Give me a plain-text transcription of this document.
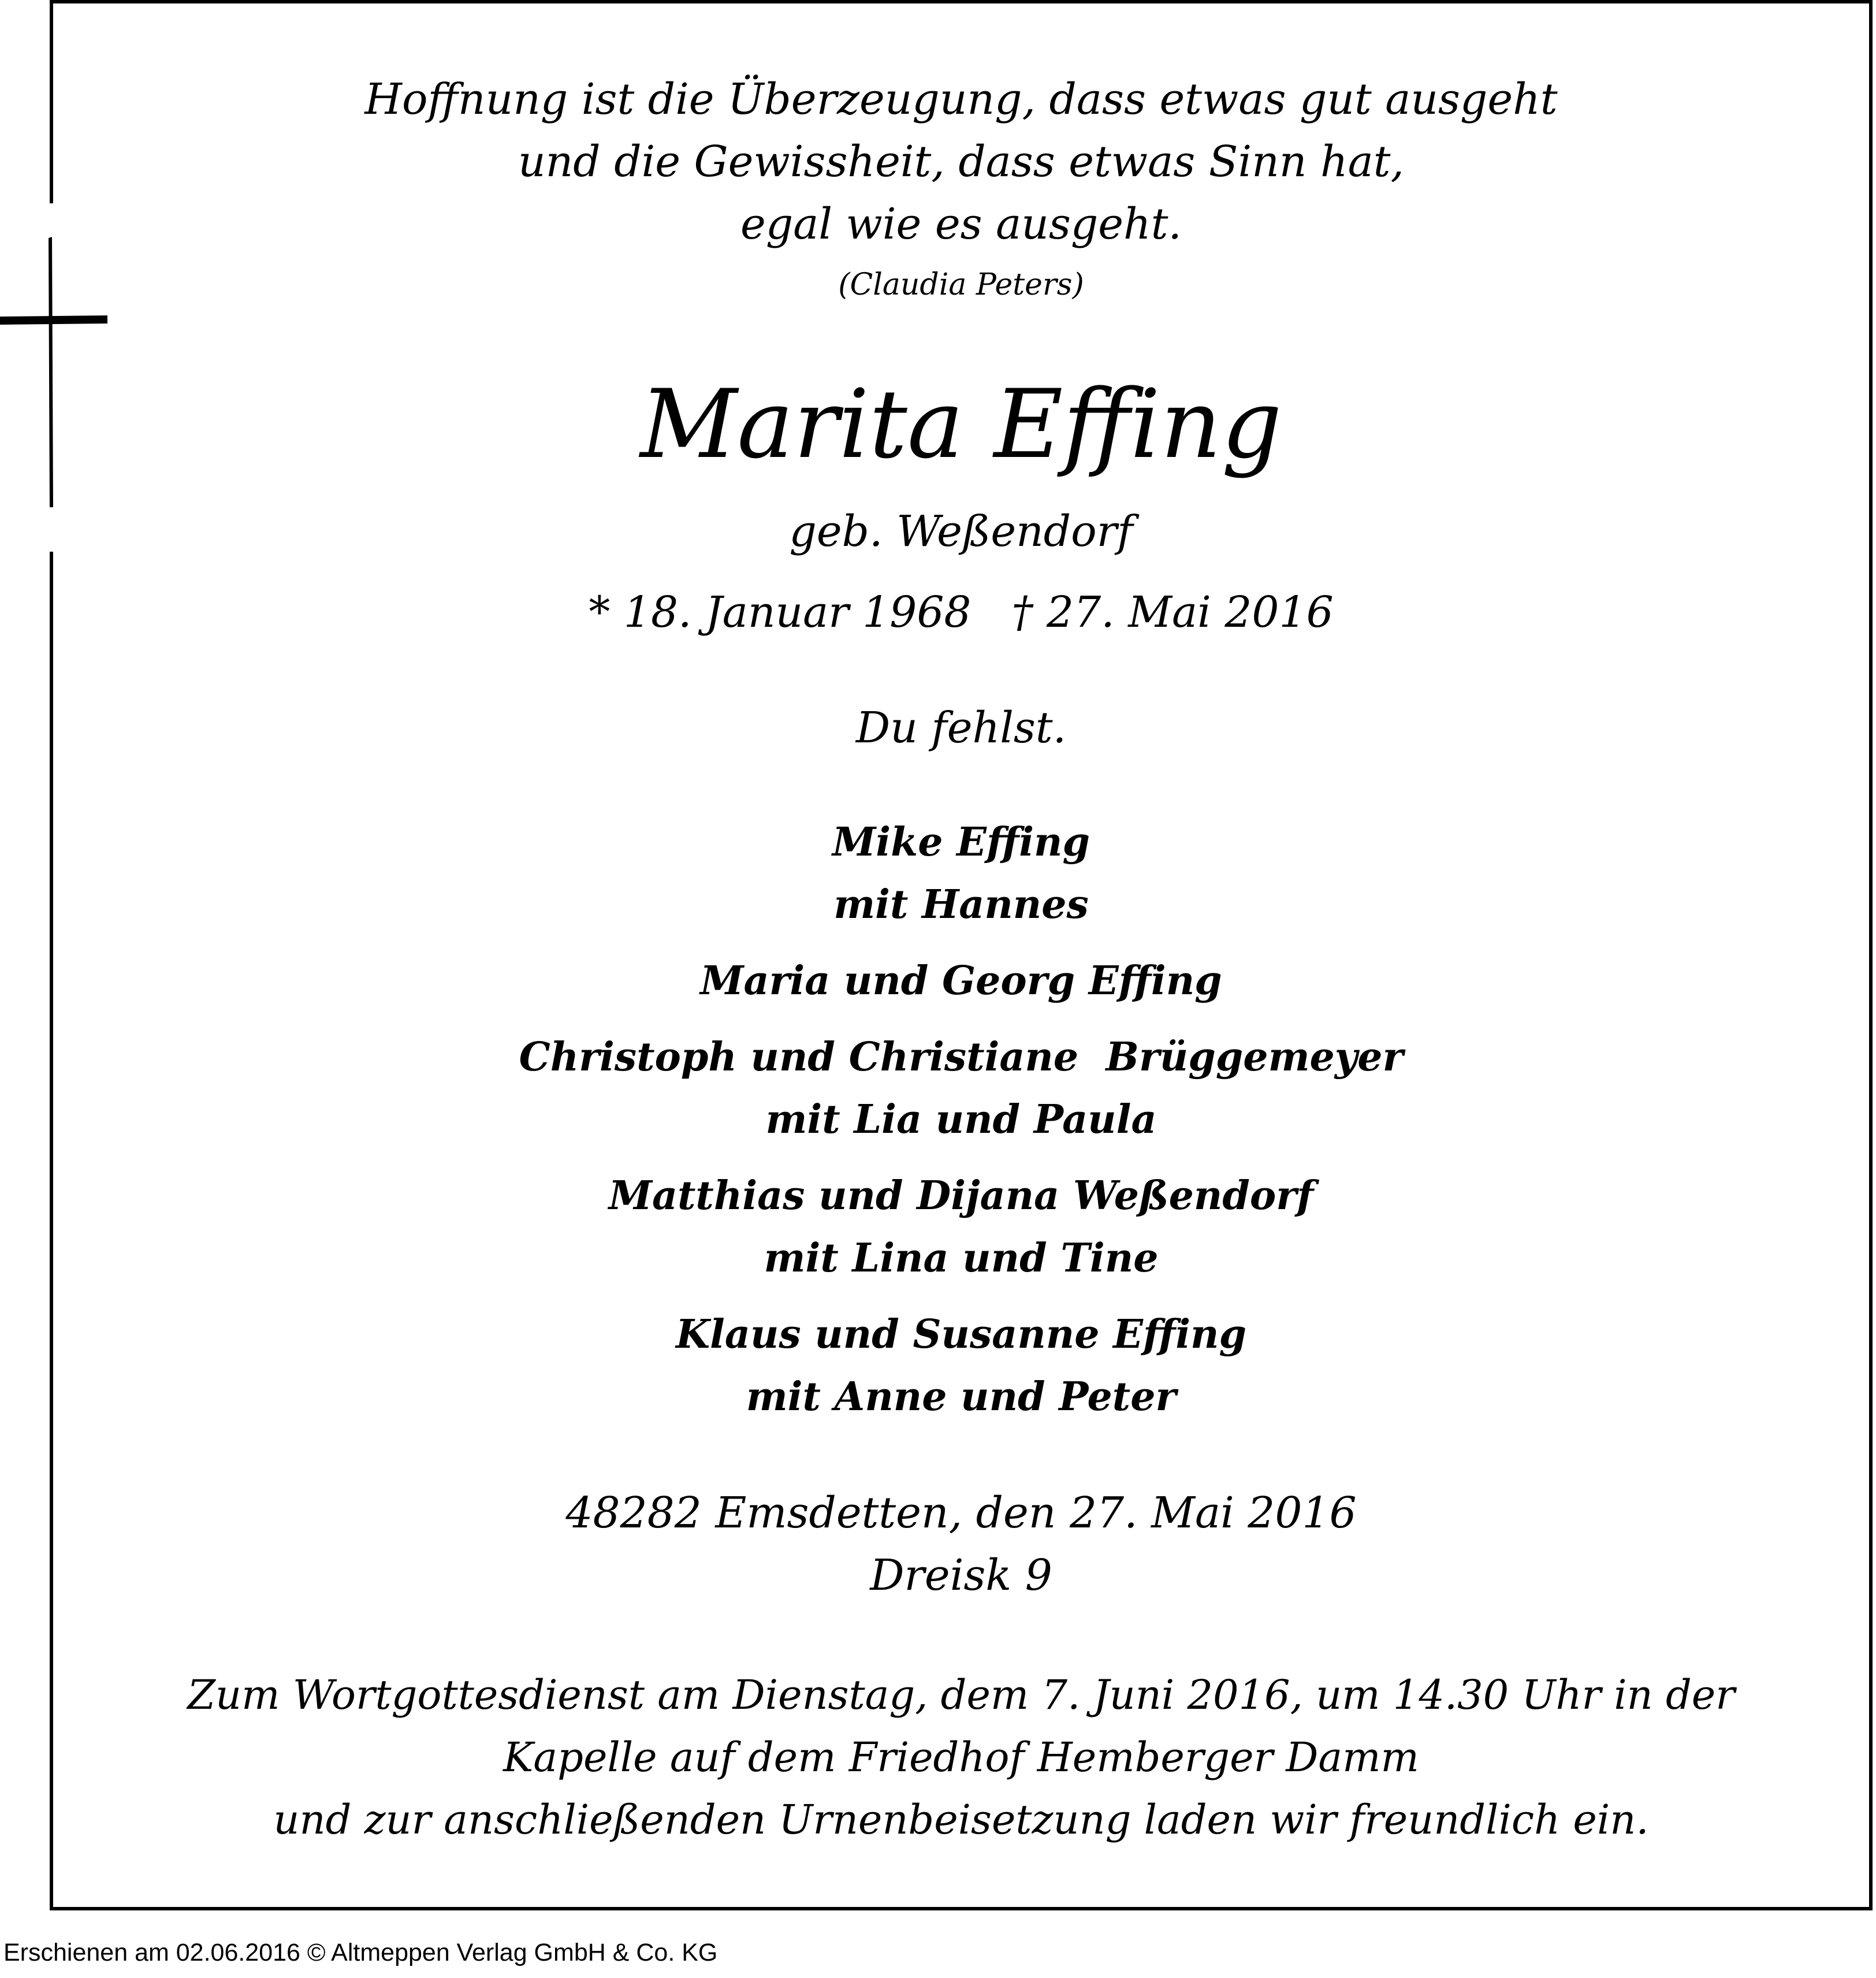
Hoffnung ist die Überzeugung, dass etwas gut ausgeht
und die Gewissheit, dass etwas Sinn hat,
egal wie es ausgeht.
(Claudia Peters)
Marita Effing
geb. Weßendorf
* 18. Januar 1968 † 27. Mai 2016
Du fehlst.
Mike Effing
mit Hannes
Maria und Georg Effing
Christoph und Christiane  Brüggemeyer
mit Lia und Paula
Matthias und Dijana Weßendorf
mit Lina und Tine
Klaus und Susanne Effing
mit Anne und Peter
48282 Emsdetten, den 27. Mai 2016
Dreisk 9
Zum Wortgottesdienst am Dienstag, dem 7. Juni 2016, um 14.30 Uhr in der
Kapelle auf dem Friedhof Hemberger Damm
und zur anschließenden Urnenbeisetzung laden wir freundlich ein.
Erschienen am 02.06.2016 © Altmeppen Verlag GmbH & Co. KG
